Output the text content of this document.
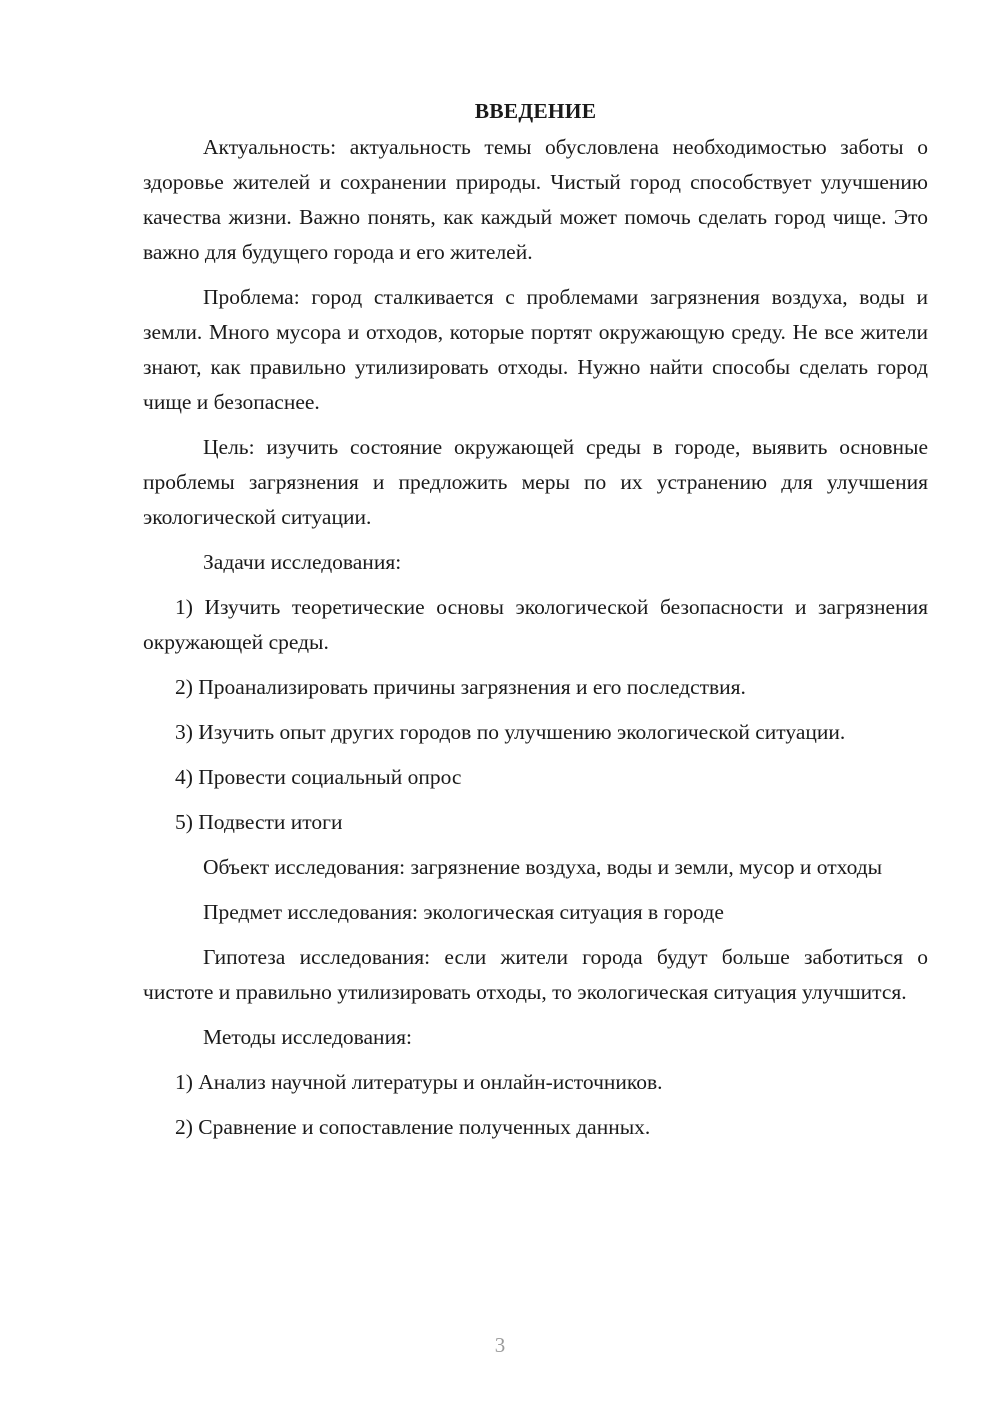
ВВЕДЕНИЕ

Актуальность: актуальность темы обусловлена необходимостью заботы о здоровье жителей и сохранении природы. Чистый город способствует улучшению качества жизни. Важно понять, как каждый может помочь сделать город чище. Это важно для будущего города и его жителей.

Проблема: город сталкивается с проблемами загрязнения воздуха, воды и земли. Много мусора и отходов, которые портят окружающую среду. Не все жители знают, как правильно утилизировать отходы. Нужно найти способы сделать город чище и безопаснее.

Цель: изучить состояние окружающей среды в городе, выявить основные проблемы загрязнения и предложить меры по их устранению для улучшения экологической ситуации.

Задачи исследования:

1) Изучить теоретические основы экологической безопасности и загрязнения окружающей среды.

2) Проанализировать причины загрязнения и его последствия.

3) Изучить опыт других городов по улучшению экологической ситуации.

4) Провести социальный опрос

5) Подвести итоги

Объект исследования: загрязнение воздуха, воды и земли, мусор и отходы

Предмет исследования: экологическая ситуация в городе

Гипотеза исследования: если жители города будут больше заботиться о чистоте и правильно утилизировать отходы, то экологическая ситуация улучшится.

Методы исследования:

1) Анализ научной литературы и онлайн-источников.

2) Сравнение и сопоставление полученных данных.

3
